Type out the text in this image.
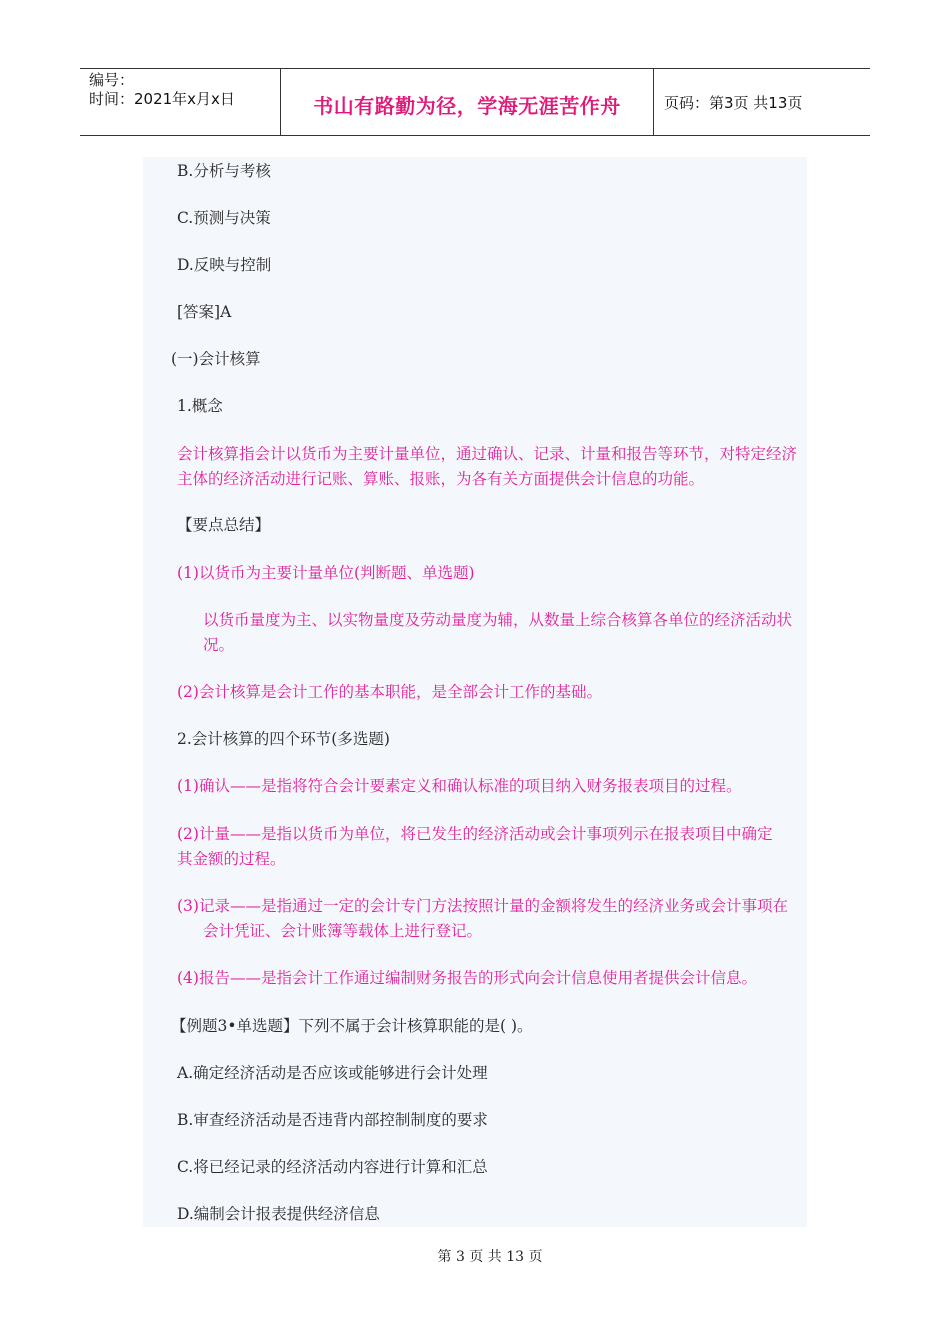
编号：
时间：2021年x月x日	书山有路勤为径，学海无涯苦作舟	页码：第3页 共13页
B.分析与考核
C.预测与决策
D.反映与控制
[答案]A
(一)会计核算
1.概念
会计核算指会计以货币为主要计量单位，通过确认、记录、计量和报告等环节，对特定经济主体的经济活动进行记账、算账、报账，为各有关方面提供会计信息的功能。
【要点总结】
(1)以货币为主要计量单位(判断题、单选题)
以货币量度为主、以实物量度及劳动量度为辅，从数量上综合核算各单位的经济活动状况。
(2)会计核算是会计工作的基本职能，是全部会计工作的基础。
2.会计核算的四个环节(多选题)
(1)确认——是指将符合会计要素定义和确认标准的项目纳入财务报表项目的过程。
(2)计量——是指以货币为单位，将已发生的经济活动或会计事项列示在报表项目中确定其金额的过程。
(3)记录——是指通过一定的会计专门方法按照计量的金额将发生的经济业务或会计事项在会计凭证、会计账簿等载体上进行登记。
(4)报告——是指会计工作通过编制财务报告的形式向会计信息使用者提供会计信息。
【例题3•单选题】下列不属于会计核算职能的是( )。
A.确定经济活动是否应该或能够进行会计处理
B.审查经济活动是否违背内部控制制度的要求
C.将已经记录的经济活动内容进行计算和汇总
D.编制会计报表提供经济信息
第 3 页 共 13 页
